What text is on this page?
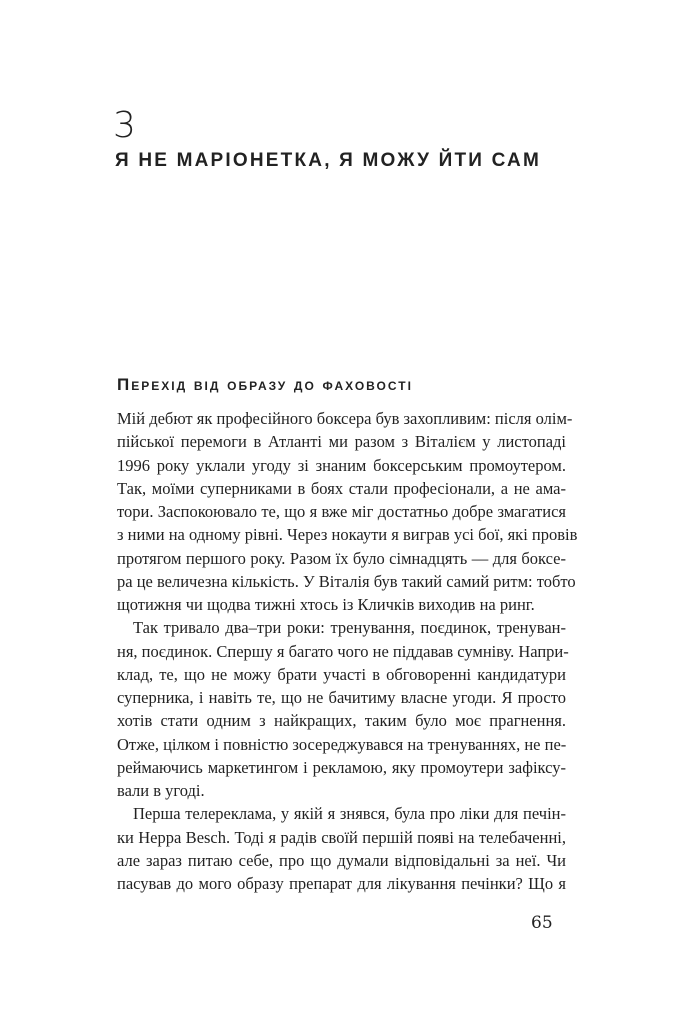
3
Я НЕ МАРІОНЕТКА, Я МОЖУ ЙТИ САМ
Перехід від образу до фаховості
Мій дебют як професійного боксера був захопливим: після олім-
пійської перемоги в Атланті ми разом з Віталієм у листопаді
1996 року уклали угоду зі знаним боксерським промоутером.
Так, моїми суперниками в боях стали професіонали, а не ама-
тори. Заспокоювало те, що я вже міг достатньо добре змагатися
з ними на одному рівні. Через нокаути я виграв усі бої, які провів
протягом першого року. Разом їх було сімнадцять — для боксе-
ра це величезна кількість. У Віталія був такий самий ритм: тобто
щотижня чи щодва тижні хтось із Кличків виходив на ринг.
Так тривало два–три роки: тренування, поєдинок, тренуван-
ня, поєдинок. Спершу я багато чого не піддавав сумніву. Напри-
клад, те, що не можу брати участі в обговоренні кандидатури
суперника, і навіть те, що не бачитиму власне угоди. Я просто
хотів стати одним з найкращих, таким було моє прагнення.
Отже, цілком і повністю зосереджувався на тренуваннях, не пе-
реймаючись маркетингом і рекламою, яку промоутери зафіксу-
вали в угоді.
Перша телереклама, у якій я знявся, була про ліки для печін-
ки Hepра Besch. Тоді я радів своїй першій появі на телебаченні,
але зараз питаю себе, про що думали відповідальні за неї. Чи
пасував до мого образу препарат для лікування печінки? Що я
65
